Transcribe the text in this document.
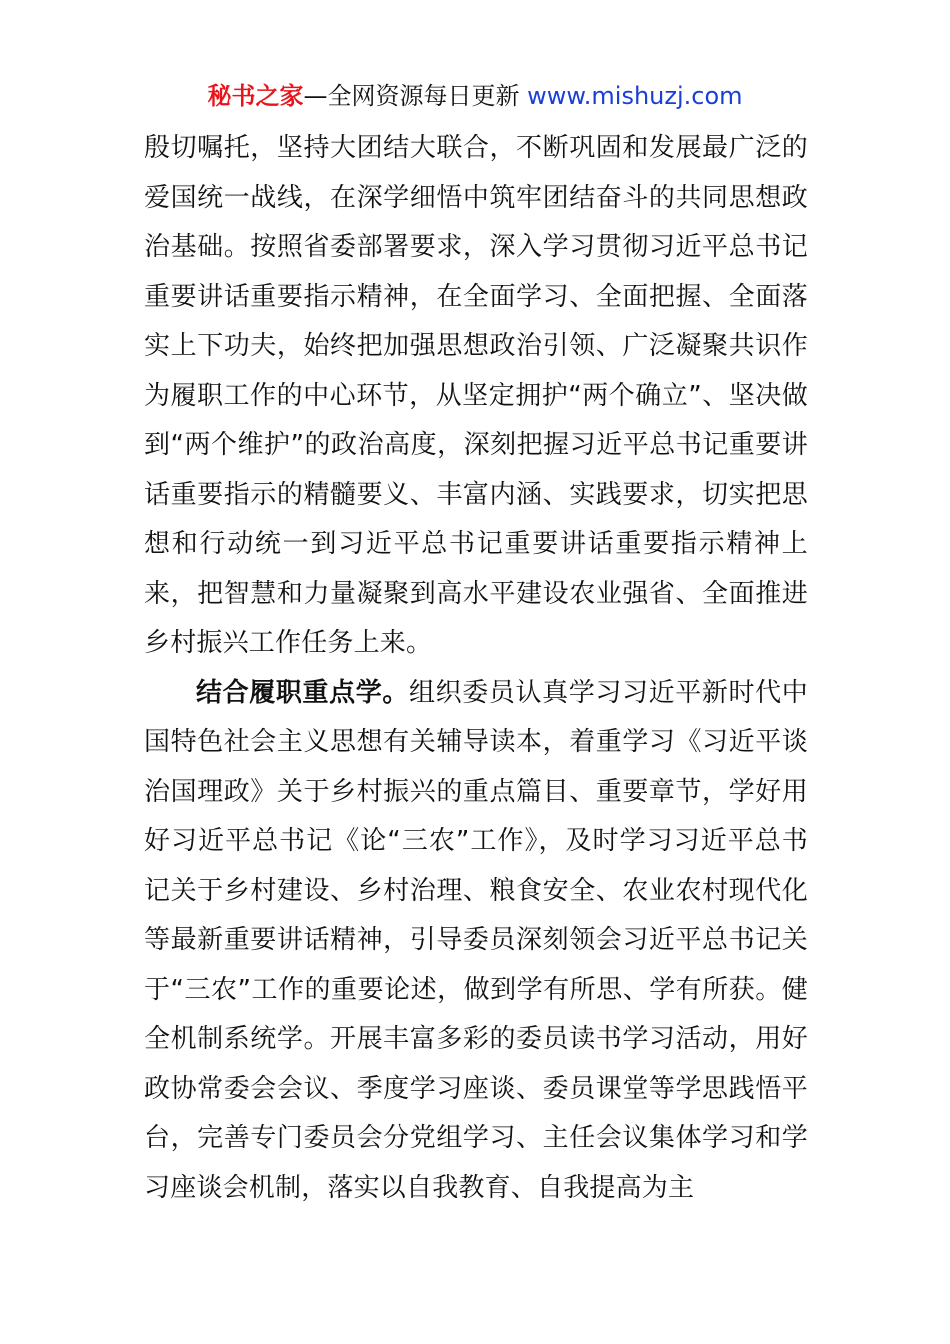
秘书之家—全网资源每日更新 www.mishuzj.com

殷切嘱托，坚持大团结大联合，不断巩固和发展最广泛的爱国统一战线，在深学细悟中筑牢团结奋斗的共同思想政治基础。按照省委部署要求，深入学习贯彻习近平总书记重要讲话重要指示精神，在全面学习、全面把握、全面落实上下功夫，始终把加强思想政治引领、广泛凝聚共识作为履职工作的中心环节，从坚定拥护“两个确立”、坚决做到“两个维护”的政治高度，深刻把握习近平总书记重要讲话重要指示的精髓要义、丰富内涵、实践要求，切实把思想和行动统一到习近平总书记重要讲话重要指示精神上来，把智慧和力量凝聚到高水平建设农业强省、全面推进乡村振兴工作任务上来。

结合履职重点学。组织委员认真学习习近平新时代中国特色社会主义思想有关辅导读本，着重学习《习近平谈治国理政》关于乡村振兴的重点篇目、重要章节，学好用好习近平总书记《论“三农”工作》，及时学习习近平总书记关于乡村建设、乡村治理、粮食安全、农业农村现代化等最新重要讲话精神，引导委员深刻领会习近平总书记关于“三农”工作的重要论述，做到学有所思、学有所获。健全机制系统学。开展丰富多彩的委员读书学习活动，用好政协常委会会议、季度学习座谈、委员课堂等学思践悟平台，完善专门委员会分党组学习、主任会议集体学习和学习座谈会机制，落实以自我教育、自我提高为主
